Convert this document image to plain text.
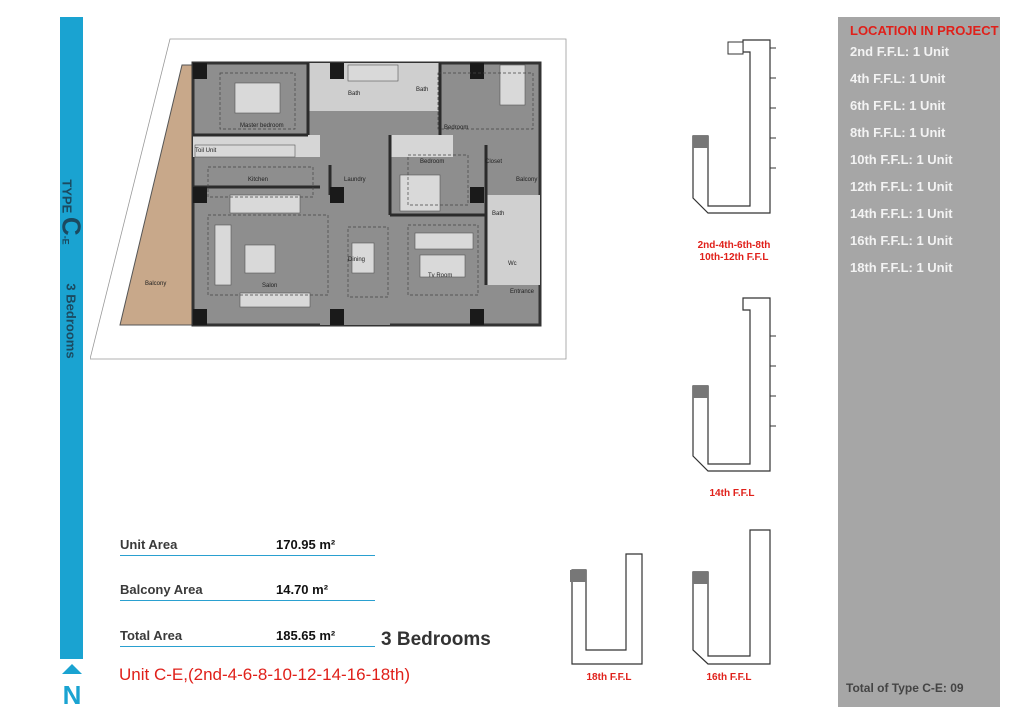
TYPE C-E
3 Bedrooms
N
Master bedroom
Bath
Bath
Bedroom
Toil Unit
Kitchen	Laundry
Bedroom	Closet
Balcony
Bath
Dining
Tv Room
Wc
Salon
Entrance
Balcony
2nd-4th-6th-8th
10th-12th F.F.L
14th F.F.L
18th F.F.L	16th F.F.L
Unit Area	170.95 m²
Balcony Area	14.70 m²
Total Area	185.65 m² 3 Bedrooms
Unit C-E,(2nd-4-6-8-10-12-14-16-18th)
LOCATION IN PROJECT
2nd F.F.L: 1 Unit
4th F.F.L: 1 Unit
6th F.F.L: 1 Unit
8th F.F.L: 1 Unit
10th F.F.L: 1 Unit
12th F.F.L: 1 Unit
14th F.F.L: 1 Unit
16th F.F.L: 1 Unit
18th F.F.L: 1 Unit
Total of Type C-E: 09
